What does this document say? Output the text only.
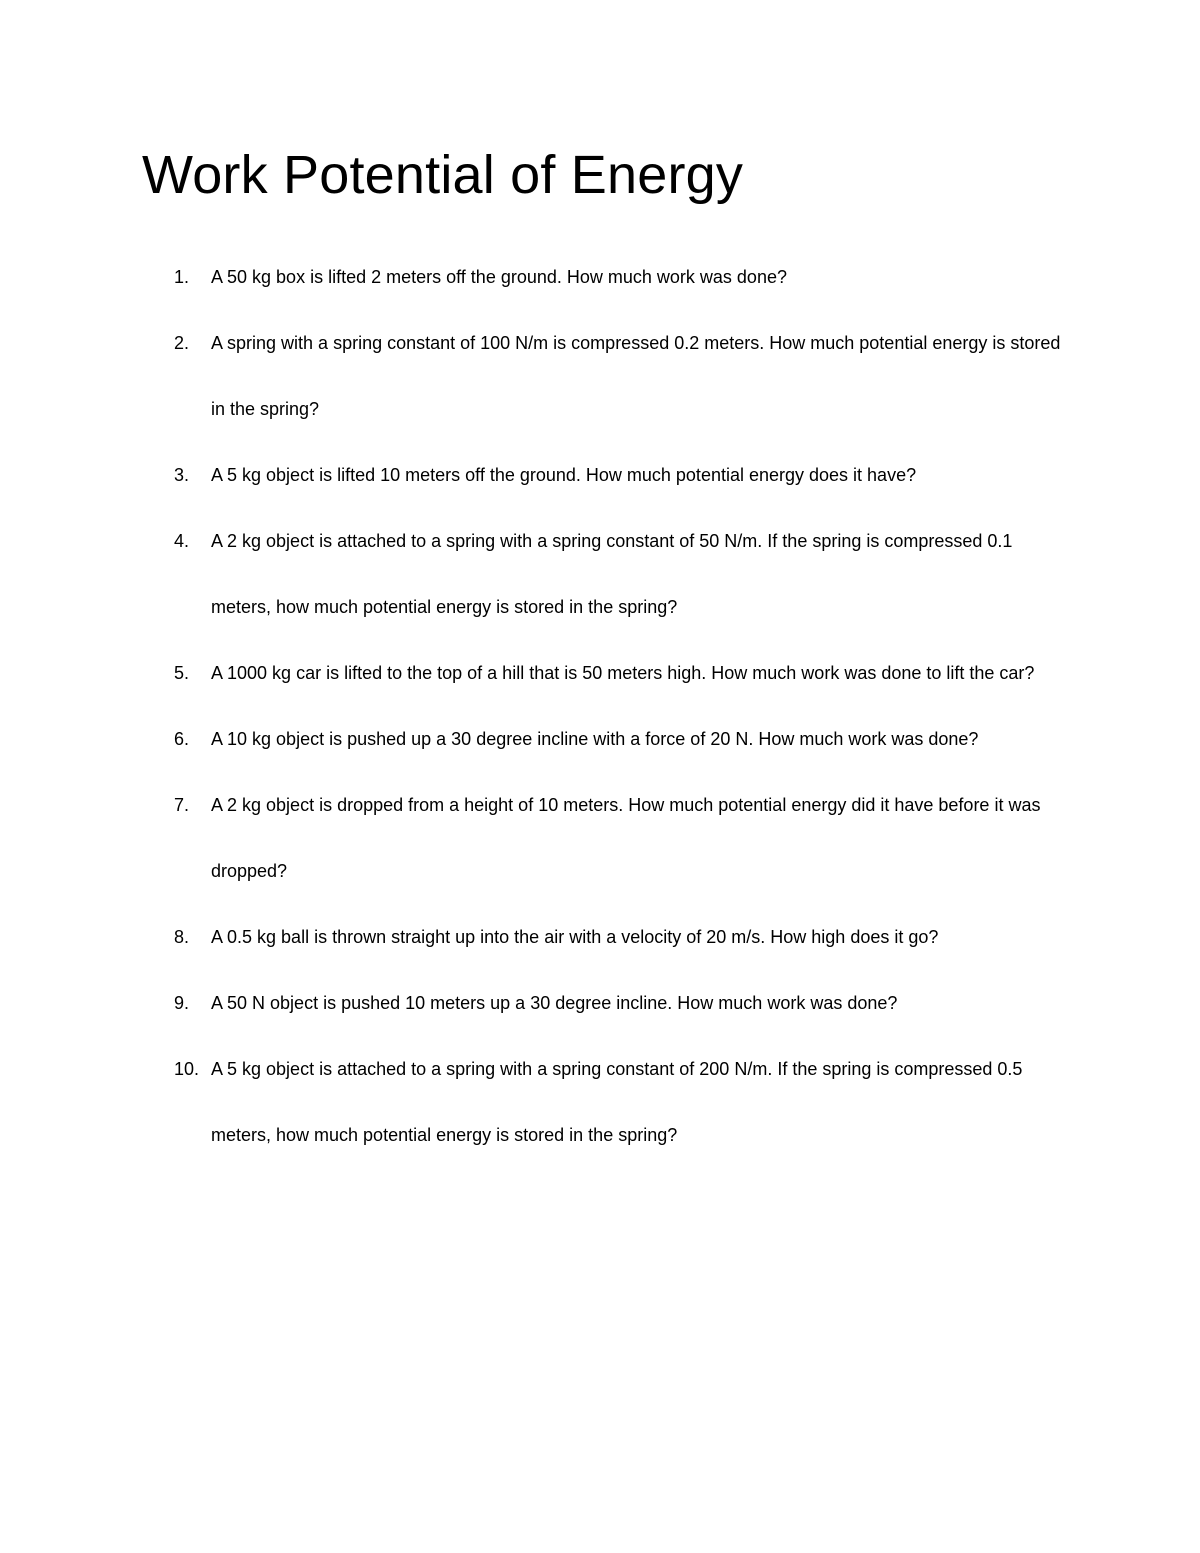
Work Potential of Energy
1. A 50 kg box is lifted 2 meters off the ground. How much work was done?
2. A spring with a spring constant of 100 N/m is compressed 0.2 meters. How much potential energy is stored in the spring?
3. A 5 kg object is lifted 10 meters off the ground. How much potential energy does it have?
4. A 2 kg object is attached to a spring with a spring constant of 50 N/m. If the spring is compressed 0.1 meters, how much potential energy is stored in the spring?
5. A 1000 kg car is lifted to the top of a hill that is 50 meters high. How much work was done to lift the car?
6. A 10 kg object is pushed up a 30 degree incline with a force of 20 N. How much work was done?
7. A 2 kg object is dropped from a height of 10 meters. How much potential energy did it have before it was dropped?
8. A 0.5 kg ball is thrown straight up into the air with a velocity of 20 m/s. How high does it go?
9. A 50 N object is pushed 10 meters up a 30 degree incline. How much work was done?
10. A 5 kg object is attached to a spring with a spring constant of 200 N/m. If the spring is compressed 0.5 meters, how much potential energy is stored in the spring?
